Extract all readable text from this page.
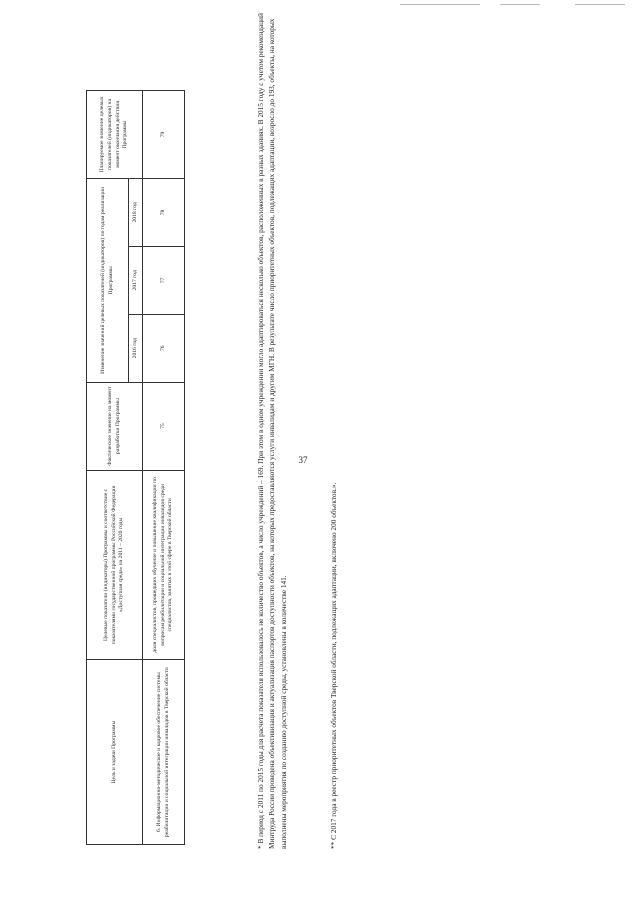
37
Цель и задачи Программы	Целевые показатели (индикаторы) Программы и соответствие с показателями государственной программы Российской Федерации «Доступная среда» на 2011 – 2020 годы	Фактическое значение на момент разработки Программы	Изменение значений целевых показателей (индикаторов) по годам реализации Программы			Планируемое значение целевых показателей (индикаторов) на момент окончания действия Программы
			2016 год	2017 год	2018 год	
6. Информационно-методическое и кадровое обеспечение системы реабилитации и социальной интеграции инвалидов в Тверской области	доля специалистов, прошедших обучение и повышение квалификации по вопросам реабилитации и социальной интеграции инвалидов среди специалистов, занятых в этой сфере в Тверской области	75	76	77	78	79	* В период с 2011 по 2015 годы для расчета показателя использовалось не количество объектов, а число учреждений – 169. При этом в одном учреждении могло адаптироваться несколько объектов, расположенных в разных зданиях. В 2015 году с учетом рекомендаций Минтруда России проведена объективизация и актуализация паспортов доступности объектов, на которых предоставляются услуги инвалидам и другим МГН. В результате число приоритетных объектов, подлежащих адаптации, возросло до 193, объекты, на которых выполнены мероприятия по созданию доступной среды, установлены в количестве 141.	** С 2017 года в реестр приоритетных объектов Тверской области, подлежащих адаптации, включено 200 объектов.».
